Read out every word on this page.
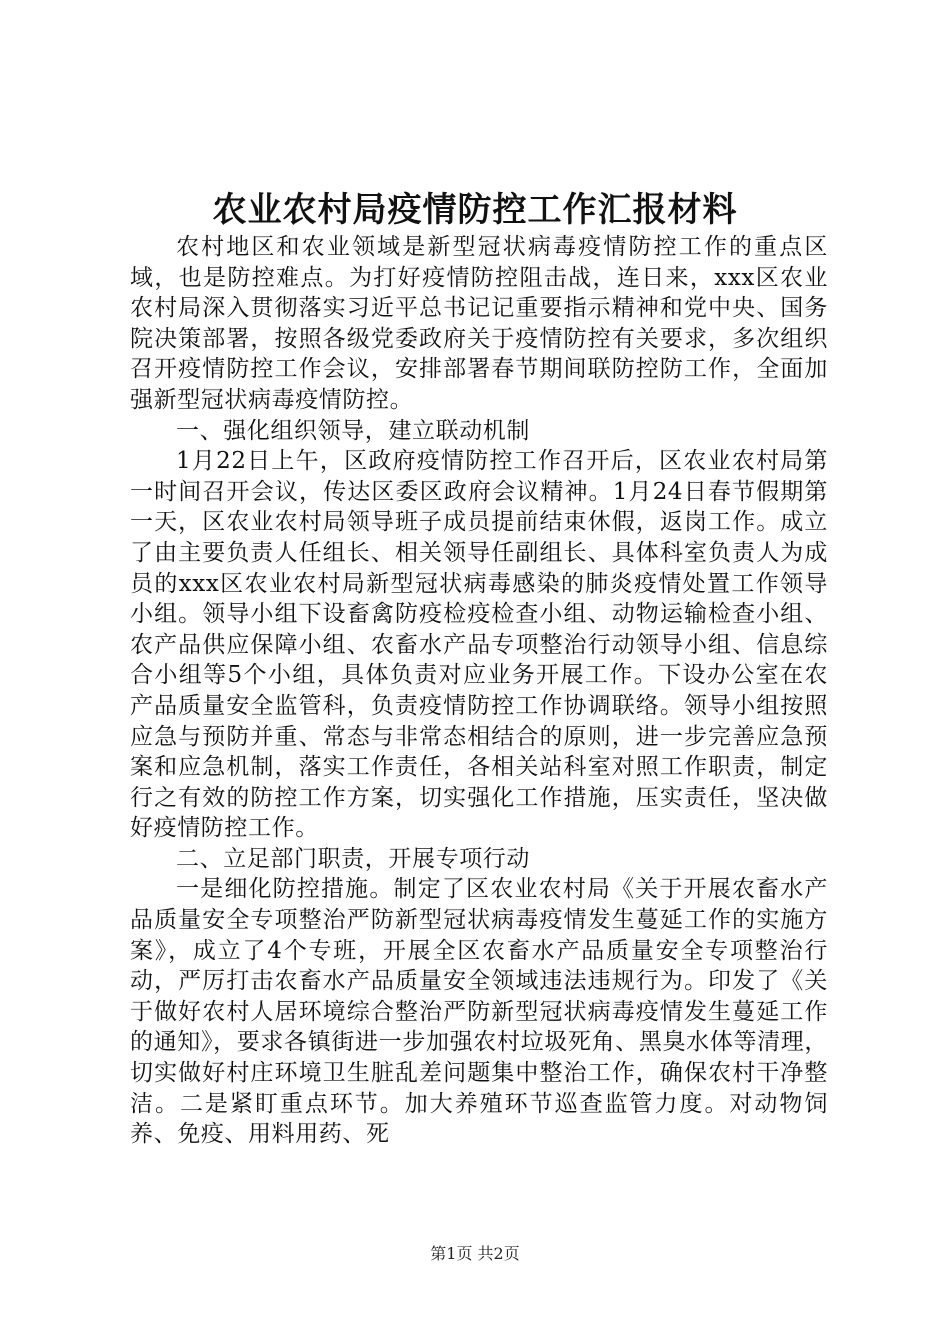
农业农村局疫情防控工作汇报材料

农村地区和农业领域是新型冠状病毒疫情防控工作的重点区域，也是防控难点。为打好疫情防控阻击战，连日来，xxx区农业农村局深入贯彻落实习近平总书记记重要指示精神和党中央、国务院决策部署，按照各级党委政府关于疫情防控有关要求，多次组织召开疫情防控工作会议，安排部署春节期间联防控防工作，全面加强新型冠状病毒疫情防控。

一、强化组织领导，建立联动机制

1月22日上午，区政府疫情防控工作召开后，区农业农村局第一时间召开会议，传达区委区政府会议精神。1月24日春节假期第一天，区农业农村局领导班子成员提前结束休假，返岗工作。成立了由主要负责人任组长、相关领导任副组长、具体科室负责人为成员的xxx区农业农村局新型冠状病毒感染的肺炎疫情处置工作领导小组。领导小组下设畜禽防疫检疫检查小组、动物运输检查小组、农产品供应保障小组、农畜水产品专项整治行动领导小组、信息综合小组等5个小组，具体负责对应业务开展工作。下设办公室在农产品质量安全监管科，负责疫情防控工作协调联络。领导小组按照应急与预防并重、常态与非常态相结合的原则，进一步完善应急预案和应急机制，落实工作责任，各相关站科室对照工作职责，制定行之有效的防控工作方案，切实强化工作措施，压实责任，坚决做好疫情防控工作。

二、立足部门职责，开展专项行动

一是细化防控措施。制定了区农业农村局《关于开展农畜水产品质量安全专项整治严防新型冠状病毒疫情发生蔓延工作的实施方案》，成立了4个专班，开展全区农畜水产品质量安全专项整治行动，严厉打击农畜水产品质量安全领域违法违规行为。印发了《关于做好农村人居环境综合整治严防新型冠状病毒疫情发生蔓延工作的通知》，要求各镇街进一步加强农村垃圾死角、黑臭水体等清理，切实做好村庄环境卫生脏乱差问题集中整治工作，确保农村干净整洁。二是紧盯重点环节。加大养殖环节巡查监管力度。对动物饲养、免疫、用料用药、死

第1页 共2页
